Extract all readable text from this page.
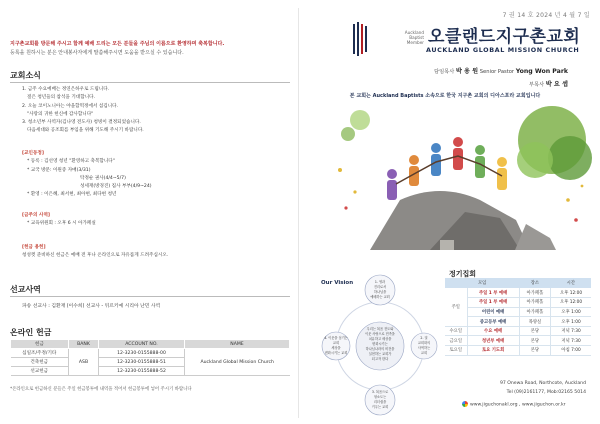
지구촌교회를 방문해 주시고 함께 예배 드리는 모든 분들을 주님의 이름으로 환영하며 축복합니다.
등록을 원하시는 분은 안내봉사자에게 말씀해주시면 도움을 받으실 수 있습니다.
교회소식
1. 금주 수요예배는 정연은하우로 드립니다.
절은 청년들의 참석을 기대합니다.
2. 오늘 코이노니아는 야을합떡정에서 섬깁니다.
"사랑의 귀한 헌신에 감사합니다"
3. 청소년부 사역자(김나영 전도사) 청빙이 결정되었습니다.
다음세대와 공조회를 부임을 위해 기도해 주시기 바랍니다.
[교인동정]
* 등록 : 김선영 청년 "환영하고 축복합니다"
* 교국 방문: 이원증 자매(3/31)
탁정순 권사(4/4~5/7)
성세재(방경진) 집사 부부(4/9~24)
* 환영 : 이은혜, 최서현, 최아현, 최다현 청년
[금주의 사역]
* 교육위원회 : 오후 6 시 아가페실
[헌금 용헌]
청성껏 준비하신 헌금은 예배 전 후나 온라인으로 자유롭게 드려주십시오.
선교사역
파송 선교사 : 김환재 (이수희) 선교사 - 뒤르키예 시리아 난민 사역
온라인 헌금
헌금	BANK	ACCOUNT NO.	NAME
십일조/주정/기타	ASB	12-3230-0155888-00	Auckland Global Mission Church
건축헌금		12-3230-0155888-51	
선교헌금		12-3230-0155888-52	
*온라인으로 헌금하신 분들은 주일 헌금봉투에 내역을 적어서 헌금봉투에 넣어 주시기 바랍니다
7 권 14 호 2024 년 4 월 7 일
Auckland
Baptist
Member 오클랜드지구촌교회
AUCKLAND GLOBAL MISSION CHURCH
담임목사 박 용 원 Senior Pastor Yong Won Park
부목사 박 요 셉
본 교회는 Auckland Baptists 소속으로 한국 지구촌 교회의 디아스포라 교회입니다
Our Vision
우리는 복음 전도와
이웃 사랑으로 민족을
치유하고 세상을
변화시키는
하나님나라의 비전을
실현하는 교회가
되고자 한다
1. 영과
진리로서
하나님을
예배하는 교회
2. 열
교회화의
사역하는
교회
3. 복음으로
형소도는
리더쉽을
키우는 교회
4. 이웃을 섬기는
교회
세상을
변화시키는 교회
정기집회
모임		장소	시간
주일	주일 1 부 예배	아가페홀	오후 12:00
	주일 1 부 예배	아가페홀	오후 12:00
	어린이 예배	아가페홀	오후 1:00
	중고등부 예배	목양실	오후 1:00
수요일	수요 예배	본당	저녁 7:30
금요일	청년부 예배	본당	저녁 7:30
토요일	토요 기도회	본당	아침 7:00
97 Onewa Road, Northcote, Auckland
Tel (09)2161177, Mob:02165 5014
www.jiguchonakl.org , www.jiguchon.or.kr
